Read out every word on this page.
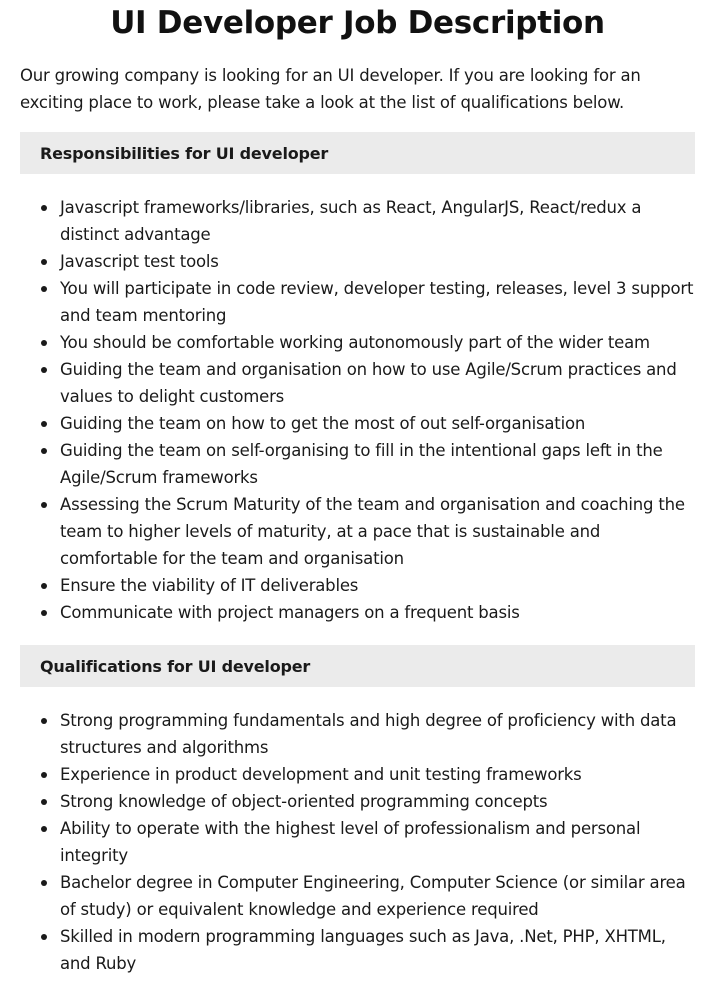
UI Developer Job Description

Our growing company is looking for an UI developer. If you are looking for an exciting place to work, please take a look at the list of qualifications below.

Responsibilities for UI developer
Javascript frameworks/libraries, such as React, AngularJS, React/redux a distinct advantage
Javascript test tools
You will participate in code review, developer testing, releases, level 3 support and team mentoring
You should be comfortable working autonomously part of the wider team
Guiding the team and organisation on how to use Agile/Scrum practices and values to delight customers
Guiding the team on how to get the most of out self-organisation
Guiding the team on self-organising to fill in the intentional gaps left in the Agile/Scrum frameworks
Assessing the Scrum Maturity of the team and organisation and coaching the team to higher levels of maturity, at a pace that is sustainable and comfortable for the team and organisation
Ensure the viability of IT deliverables
Communicate with project managers on a frequent basis
Qualifications for UI developer
Strong programming fundamentals and high degree of proficiency with data structures and algorithms
Experience in product development and unit testing frameworks
Strong knowledge of object-oriented programming concepts
Ability to operate with the highest level of professionalism and personal integrity
Bachelor degree in Computer Engineering, Computer Science (or similar area of study) or equivalent knowledge and experience required
Skilled in modern programming languages such as Java, .Net, PHP, XHTML, and Ruby
